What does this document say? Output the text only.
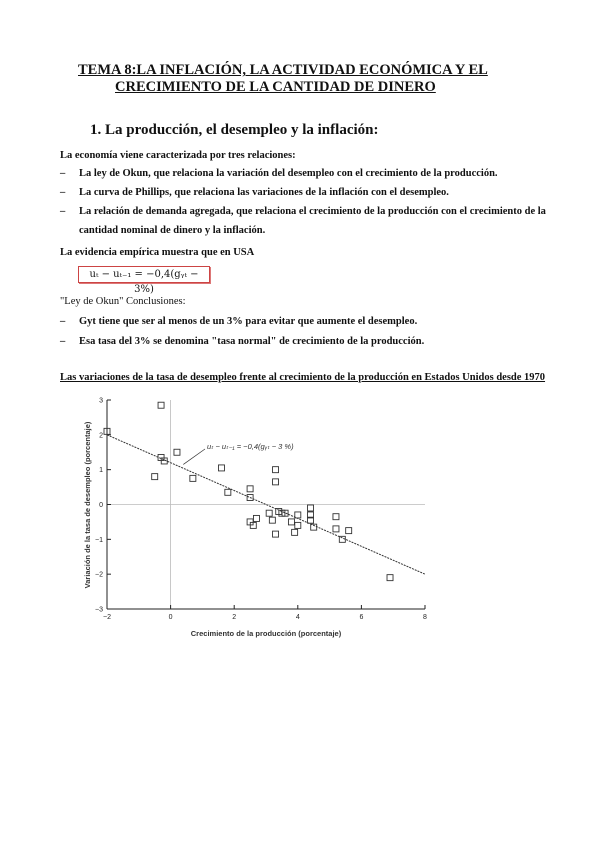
TEMA 8:LA INFLACIÓN, LA ACTIVIDAD ECONÓMICA Y EL
CRECIMIENTO DE LA CANTIDAD DE DINERO
1. La producción, el desempleo y la inflación:
La economía viene caracterizada por tres relaciones:
– La ley de Okun, que relaciona la variación del desempleo con el crecimiento de la producción.
– La curva de Phillips, que relaciona las variaciones de la inflación con el desempleo.
– La relación de demanda agregada, que relaciona el crecimiento de la producción con el crecimiento de la
cantidad nominal de dinero y la inflación.
La evidencia empírica muestra que en USA
uₜ − uₜ₋₁ = −0,4(gᵧₜ − 3%)
"Ley de Okun" Conclusiones:
– Gyt tiene que ser al menos de un 3% para evitar que aumente el desempleo.
– Esa tasa del 3% se denomina "tasa normal" de crecimiento de la producción.
Las variaciones de la tasa de desempleo frente al crecimiento de la producción en Estados Unidos desde 1970
−2	0	2	4	6	8
3
2
1
0
−1
−2
−3
Variación de la tasa de desempleo (porcentaje)
Crecimiento de la producción (porcentaje)
uₜ − uₜ₋₁ = −0,4(gᵧₜ − 3 %)
